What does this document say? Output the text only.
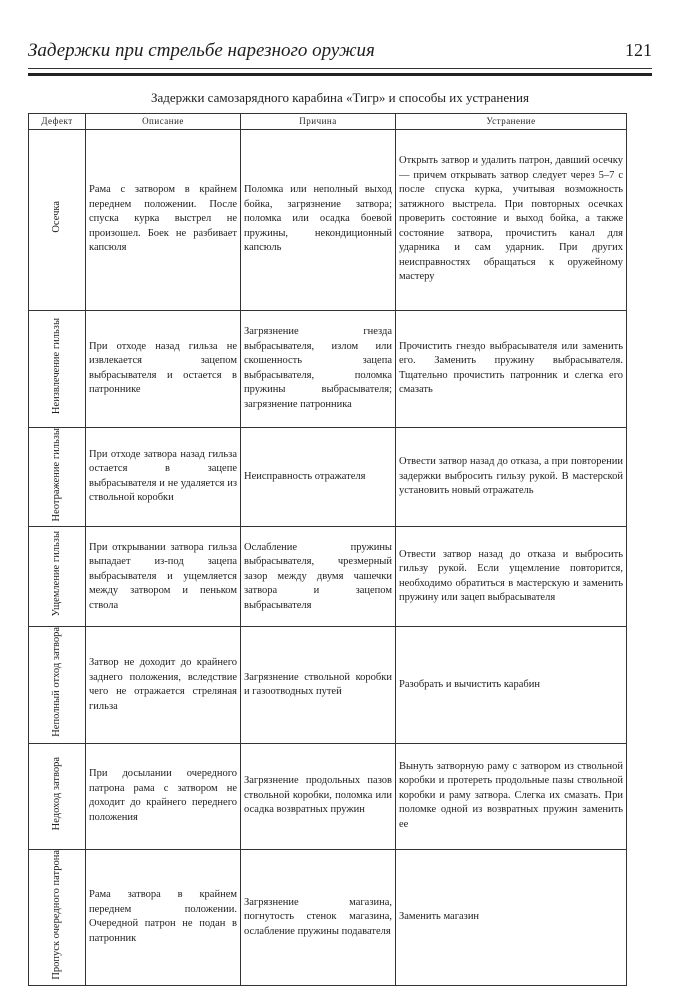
Задержки при стрельбе нарезного оружия	121
Задержки самозарядного карабина «Тигр» и способы их устранения
Дефект	Описание	Причина	Устранение
Осечка	Рама с затвором в крайнем переднем положении. После спуска курка выстрел не произошел. Боек не разбивает капсюля	Поломка или неполный выход бойка, загрязнение затвора; поломка или осадка боевой пружины, некондиционный капсюль	Открыть затвор и удалить патрон, давший осечку — причем открывать затвор следует через 5–7 с после спуска курка, учитывая возможность затяжного выстрела. При повторных осечках проверить состояние и выход бойка, а также состояние затвора, прочистить канал для ударника и сам ударник. При других неисправностях обращаться к оружейному мастеру
Неизвлечение гильзы	При отходе назад гильза не извлекается зацепом выбрасывателя и остается в патроннике	Загрязнение гнезда выбрасывателя, излом или скошенность зацепа выбрасывателя, поломка пружины выбрасывателя; загрязнение патронника	Прочистить гнездо выбрасывателя или заменить его. Заменить пружину выбрасывателя. Тщательно прочистить патронник и слегка его смазать
Неотражение гильзы	При отходе затвора назад гильза остается в зацепе выбрасывателя и не удаляется из ствольной коробки	Неисправность отражателя	Отвести затвор назад до отказа, а при повторении задержки выбросить гильзу рукой. В мастерской установить новый отражатель
Ущемление гильзы	При открывании затвора гильза выпадает из-под зацепа выбрасывателя и ущемляется между затвором и пеньком ствола	Ослабление пружины выбрасывателя, чрезмерный зазор между двумя чашечки затвора и зацепом выбрасывателя	Отвести затвор назад до отказа и выбросить гильзу рукой. Если ущемление повторится, необходимо обратиться в мастерскую и заменить пружину или зацеп выбрасывателя
Неполный отход затвора	Затвор не доходит до крайнего заднего положения, вследствие чего не отражается стреляная гильза	Загрязнение ствольной коробки и газоотводных путей	Разобрать и вычистить карабин
Недоход затвора	При досылании очередного патрона рама с затвором не доходит до крайнего переднего положения	Загрязнение продольных пазов ствольной коробки, поломка или осадка возвратных пружин	Вынуть затворную раму с затвором из ствольной коробки и протереть продольные пазы ствольной коробки и раму затвора. Слегка их смазать. При поломке одной из возвратных пружин заменить ее
Пропуск очередного патрона	Рама затвора в крайнем переднем положении. Очередной патрон не подан в патронник	Загрязнение магазина, погнутость стенок магазина, ослабление пружины подавателя	Заменить магазин
